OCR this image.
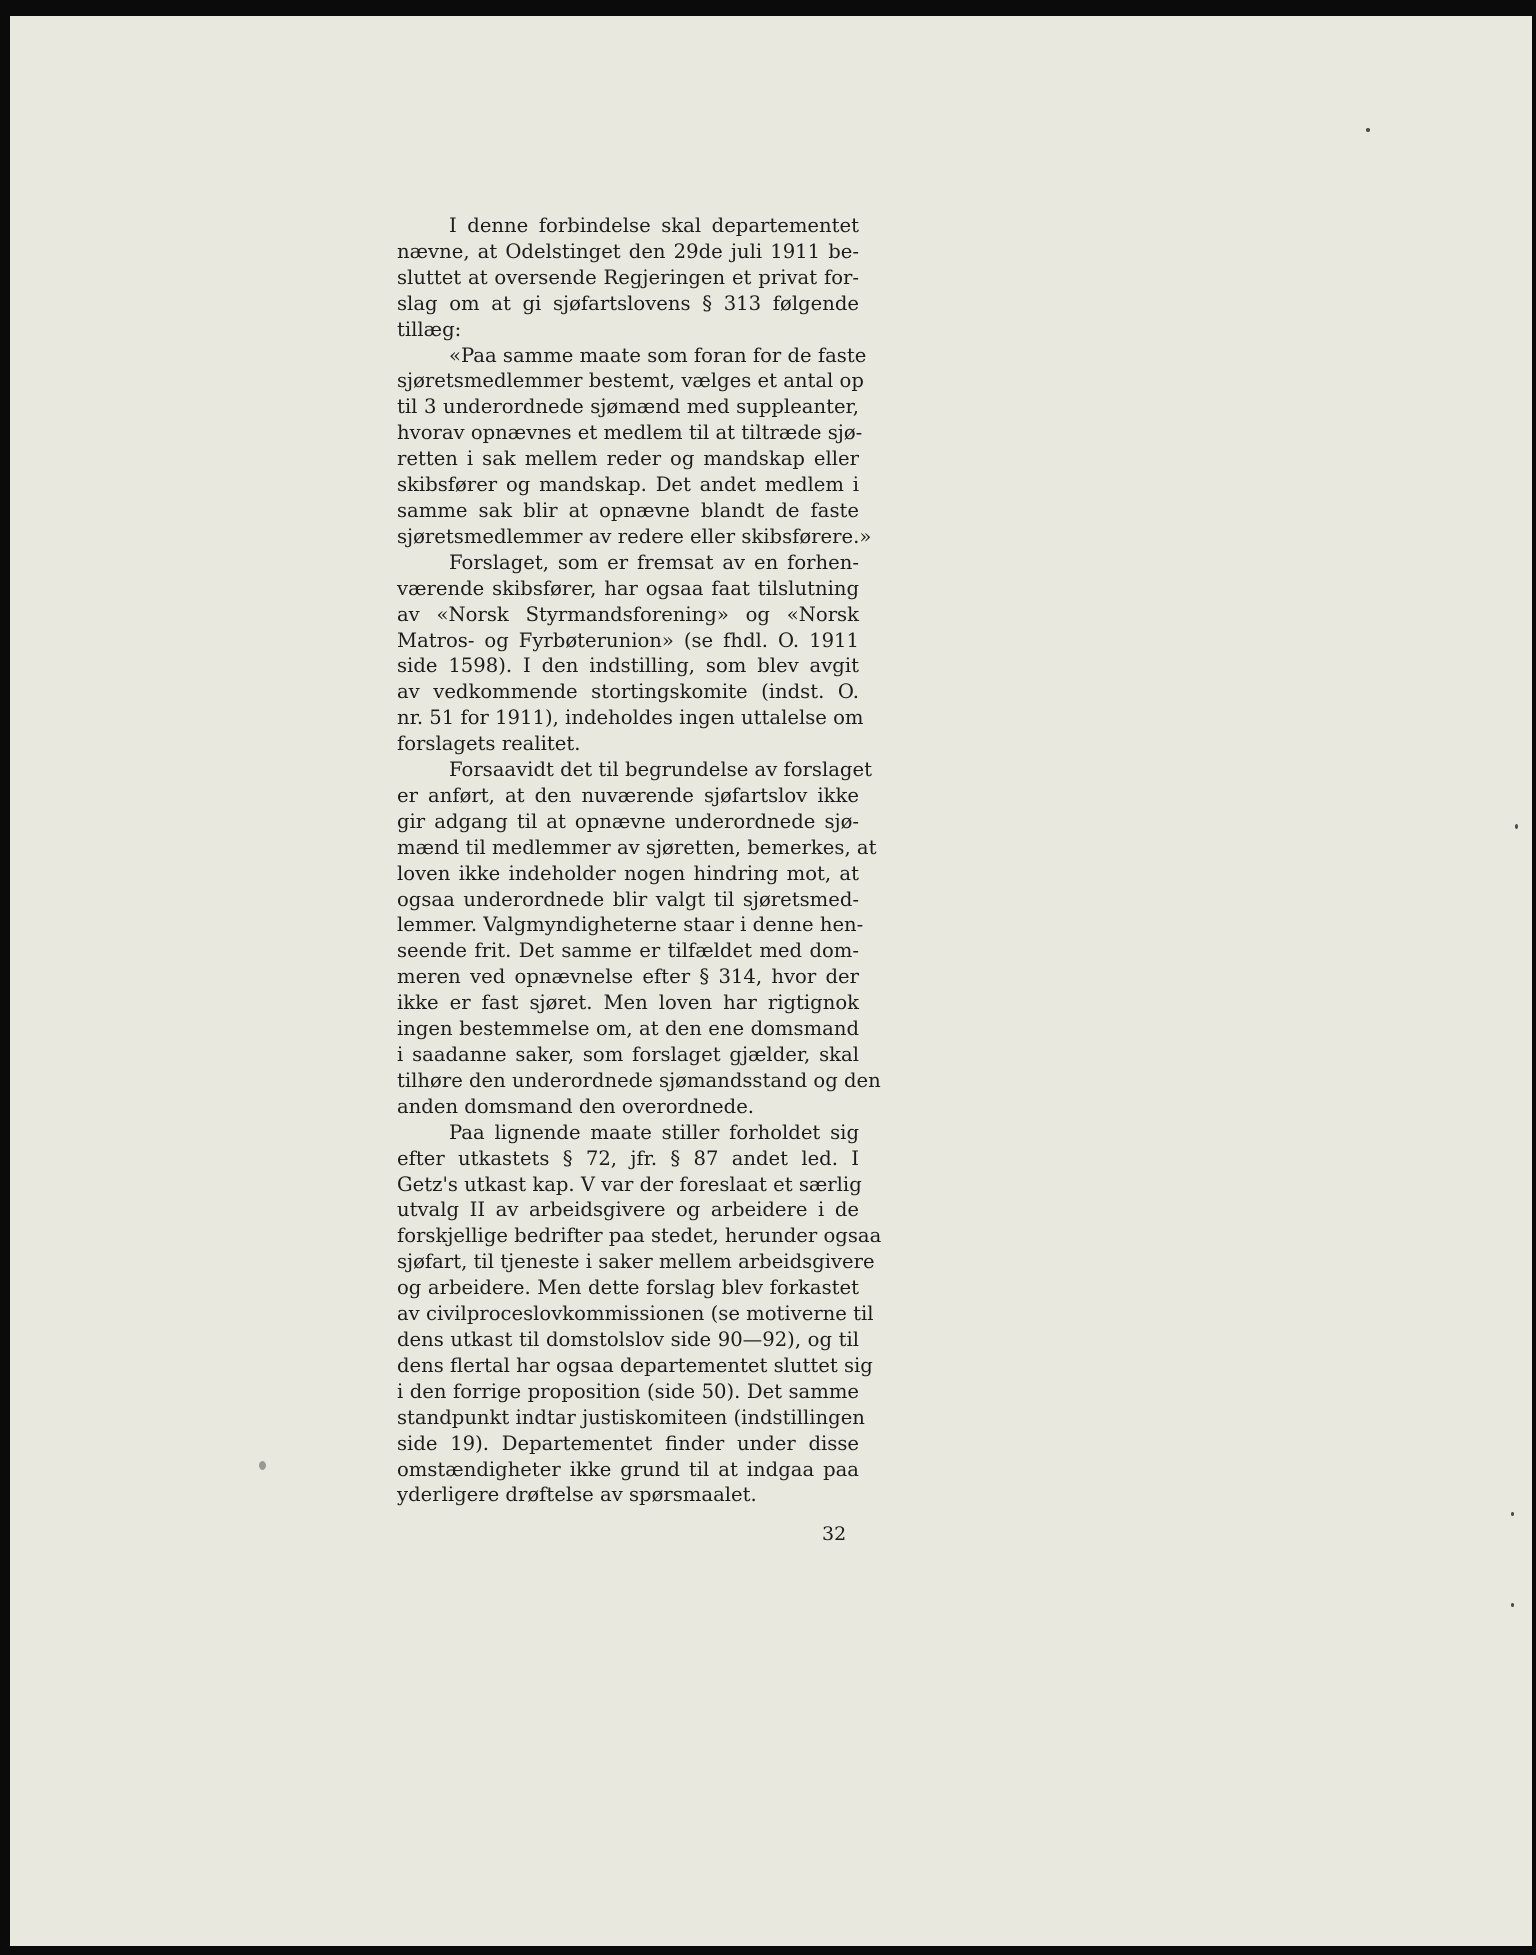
I denne forbindelse skal departementet
nævne, at Odelstinget den 29de juli 1911 be-
sluttet at oversende Regjeringen et privat for-
slag om at gi sjøfartslovens § 313 følgende
tillæg:
«Paa samme maate som foran for de faste
sjøretsmedlemmer bestemt, vælges et antal op
til 3 underordnede sjømænd med suppleanter,
hvorav opnævnes et medlem til at tiltræde sjø-
retten i sak mellem reder og mandskap eller
skibsfører og mandskap. Det andet medlem i
samme sak blir at opnævne blandt de faste
sjøretsmedlemmer av redere eller skibsførere.»
Forslaget, som er fremsat av en forhen-
værende skibsfører, har ogsaa faat tilslutning
av «Norsk Styrmandsforening» og «Norsk
Matros- og Fyrbøterunion» (se fhdl. O. 1911
side 1598). I den indstilling, som blev avgit
av vedkommende stortingskomite (indst. O.
nr. 51 for 1911), indeholdes ingen uttalelse om
forslagets realitet.
Forsaavidt det til begrundelse av forslaget
er anført, at den nuværende sjøfartslov ikke
gir adgang til at opnævne underordnede sjø-
mænd til medlemmer av sjøretten, bemerkes, at
loven ikke indeholder nogen hindring mot, at
ogsaa underordnede blir valgt til sjøretsmed-
lemmer. Valgmyndigheterne staar i denne hen-
seende frit. Det samme er tilfældet med dom-
meren ved opnævnelse efter § 314, hvor der
ikke er fast sjøret. Men loven har rigtignok
ingen bestemmelse om, at den ene domsmand
i saadanne saker, som forslaget gjælder, skal
tilhøre den underordnede sjømandsstand og den
anden domsmand den overordnede.
Paa lignende maate stiller forholdet sig
efter utkastets § 72, jfr. § 87 andet led. I
Getz's utkast kap. V var der foreslaat et særlig
utvalg II av arbeidsgivere og arbeidere i de
forskjellige bedrifter paa stedet, herunder ogsaa
sjøfart, til tjeneste i saker mellem arbeidsgivere
og arbeidere. Men dette forslag blev forkastet
av civilproceslovkommissionen (se motiverne til
dens utkast til domstolslov side 90—92), og til
dens flertal har ogsaa departementet sluttet sig
i den forrige proposition (side 50). Det samme
standpunkt indtar justiskomiteen (indstillingen
side 19). Departementet finder under disse
omstændigheter ikke grund til at indgaa paa
yderligere drøftelse av spørsmaalet.
32
